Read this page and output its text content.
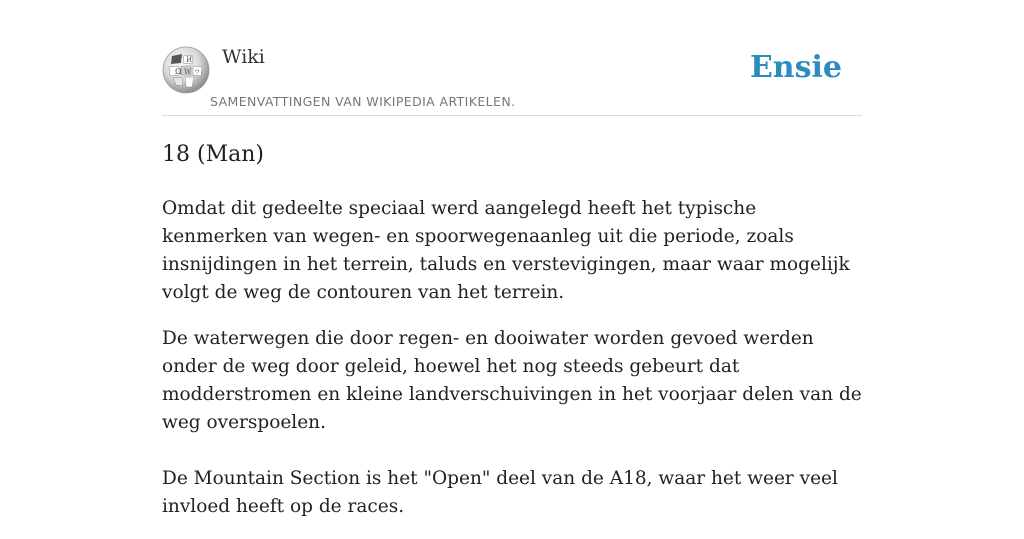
Ω W
И
ウ
Wiki
SAMENVATTINGEN VAN WIKIPEDIA ARTIKELEN.
Ensie
18 (Man)

Omdat dit gedeelte speciaal werd aangelegd heeft het typische kenmerken van wegen- en spoorwegenaanleg uit die periode, zoals insnijdingen in het terrein, taluds en verstevigingen, maar waar mogelijk volgt de weg de contouren van het terrein.

De waterwegen die door regen- en dooiwater worden gevoed werden onder de weg door geleid, hoewel het nog steeds gebeurt dat modderstromen en kleine landverschuivingen in het voorjaar delen van de weg overspoelen.

De Mountain Section is het "Open" deel van de A18, waar het weer veel invloed heeft op de races.
